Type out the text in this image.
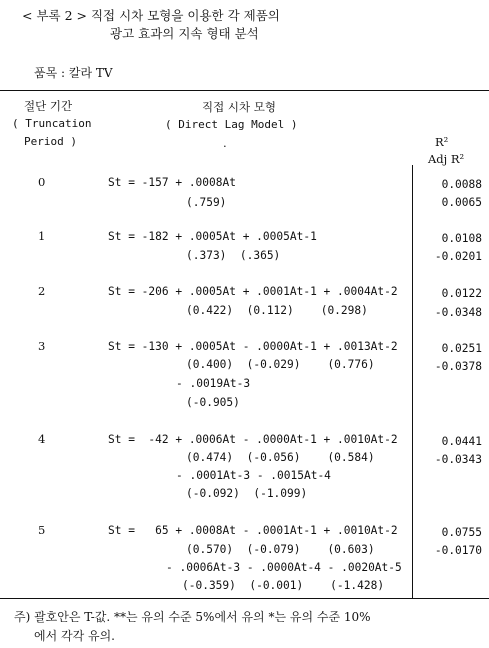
< 부록 2 > 직접 시차 모형을 이용한 각 제품의
광고 효과의 지속 형태 분석
품목 : 칼라 TV
절단 기간
( Truncation
Period )
직접 시차 모형
( Direct Lag Model )
.	R²
Adj R²
0	St = -157 + .0008At
(.759)
0.0088
0.0065
1	St = -182 + .0005At + .0005At-1
(.373)  (.365)
0.0108
-0.0201
2	St = -206 + .0005At + .0001At-1 + .0004At-2
(0.422)  (0.112)    (0.298)
0.0122
-0.0348
3	St = -130 + .0005At - .0000At-1 + .0013At-2
(0.400)  (-0.029)    (0.776)
- .0019At-3
(-0.905)
0.0251
-0.0378
4	St =  -42 + .0006At - .0000At-1 + .0010At-2
(0.474)  (-0.056)    (0.584)
- .0001At-3 - .0015At-4
(-0.092)  (-1.099)
0.0441
-0.0343
5	St =   65 + .0008At - .0001At-1 + .0010At-2
(0.570)  (-0.079)    (0.603)
- .0006At-3 - .0000At-4 - .0020At-5
(-0.359)  (-0.001)    (-1.428)
0.0755
-0.0170
주) 괄호안은 T-값. **는 유의 수준 5%에서 유의 *는 유의 수준 10%
에서 각각 유의.
